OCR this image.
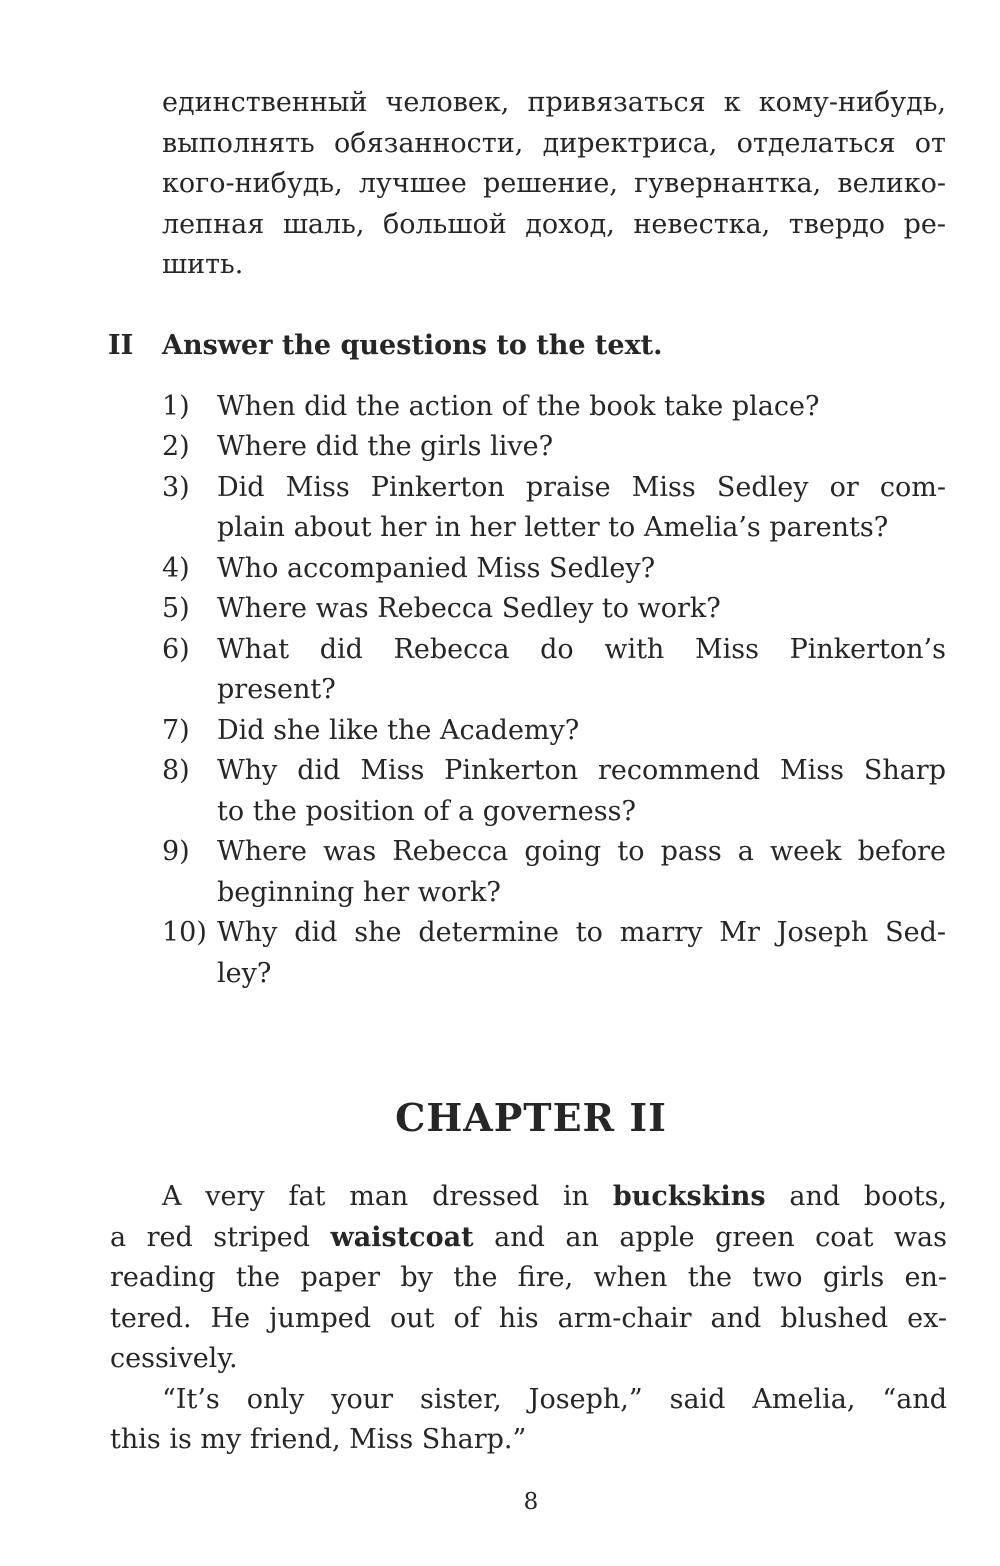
единственный человек, привязаться к кому-нибудь,
выполнять обязанности, директриса, отделаться от
кого-нибудь, лучшее решение, гувернантка, велико-
лепная шаль, большой доход, невестка, твердо ре-
шить.
II Answer the questions to the text.
1) When did the action of the book take place?
2) Where did the girls live?
3) Did Miss Pinkerton praise Miss Sedley or com-
plain about her in her letter to Amelia’s parents?
4) Who accompanied Miss Sedley?
5) Where was Rebecca Sedley to work?
6) What did Rebecca do with Miss Pinkerton’s
present?
7) Did she like the Academy?
8) Why did Miss Pinkerton recommend Miss Sharp
to the position of a governess?
9) Where was Rebecca going to pass a week before
beginning her work?
10) Why did she determine to marry Mr Joseph Sed-
ley?
CHAPTER II
A very fat man dressed in buckskins and boots,
a red striped waistcoat and an apple green coat was
reading the paper by the fire, when the two girls en-
tered. He jumped out of his arm-chair and blushed ex-
cessively.
“It’s only your sister, Joseph,” said Amelia, “and
this is my friend, Miss Sharp.”
8
